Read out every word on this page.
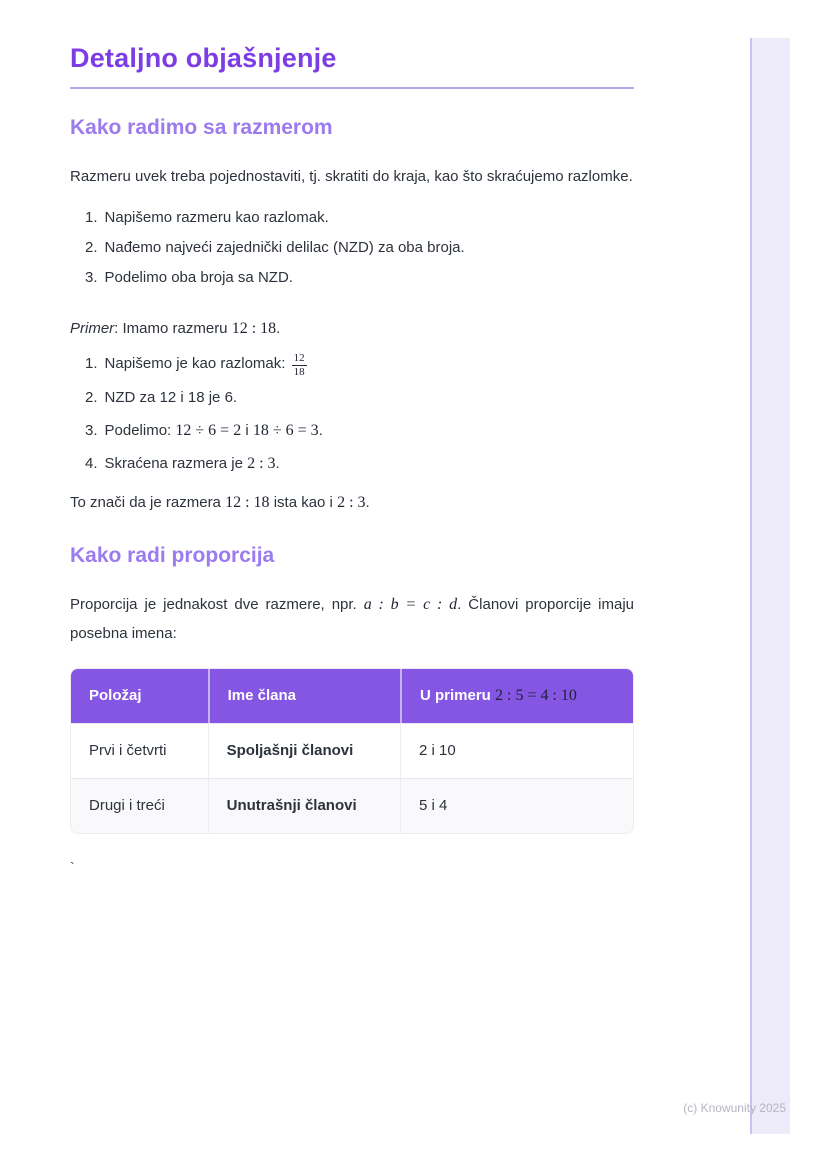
Detaljno objašnjenje
Kako radimo sa razmerom

Razmeru uvek treba pojednostaviti, tj. skratiti do kraja, kao što skraćujemo razlomke.

1. Napišemo razmeru kao razlomak.
2. Nađemo najveći zajednički delilac (NZD) za oba broja.
3. Podelimo oba broja sa NZD.

Primer: Imamo razmeru 12 : 18.

1. Napišemo je kao razlomak: $\frac{12}{18}$
2. NZD za 12 i 18 je 6.
3. Podelimo: 12 ÷ 6 = 2 i 18 ÷ 6 = 3.
4. Skraćena razmera je 2 : 3.

To znači da je razmera 12 : 18 ista kao i 2 : 3.

Kako radi proporcija

Proporcija je jednakost dve razmere, npr. a : b = c : d. Članovi proporcije imaju posebna imena:

Položaj	Ime člana	U primeru 2 : 5 = 4 : 10
Prvi i četvrti	Spoljašnji članovi	2 i 10
Drugi i treći	Unutrašnji članovi	5 i 4
`
(c) Knowunity 2025
